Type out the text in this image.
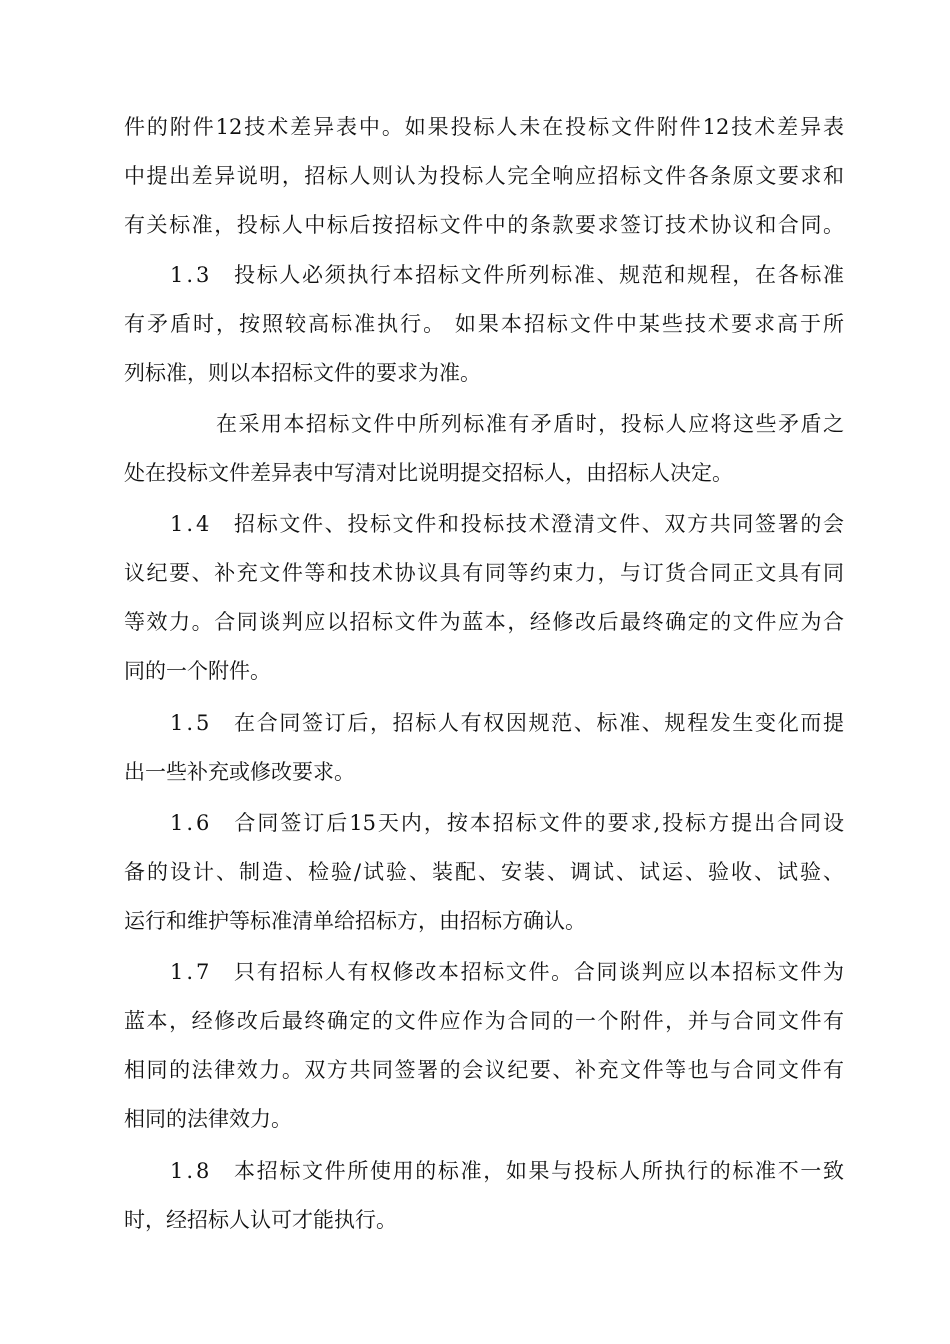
件的附件12技术差异表中。如果投标人未在投标文件附件12技术差异表
中提出差异说明，招标人则认为投标人完全响应招标文件各条原文要求和
有关标准，投标人中标后按招标文件中的条款要求签订技术协议和合同。
1.3 投标人必须执行本招标文件所列标准、规范和规程，在各标准
有矛盾时，按照较高标准执行。 如果本招标文件中某些技术要求高于所
列标准，则以本招标文件的要求为准。
在采用本招标文件中所列标准有矛盾时，投标人应将这些矛盾之
处在投标文件差异表中写清对比说明提交招标人，由招标人决定。
1.4 招标文件、投标文件和投标技术澄清文件、双方共同签署的会
议纪要、补充文件等和技术协议具有同等约束力，与订货合同正文具有同
等效力。合同谈判应以招标文件为蓝本，经修改后最终确定的文件应为合
同的一个附件。
1.5 在合同签订后，招标人有权因规范、标准、规程发生变化而提
出一些补充或修改要求。
1.6 合同签订后15天内，按本招标文件的要求,投标方提出合同设
备的设计、制造、检验/试验、装配、安装、调试、试运、验收、试验、
运行和维护等标准清单给招标方，由招标方确认。
1.7 只有招标人有权修改本招标文件。合同谈判应以本招标文件为
蓝本，经修改后最终确定的文件应作为合同的一个附件，并与合同文件有
相同的法律效力。双方共同签署的会议纪要、补充文件等也与合同文件有
相同的法律效力。
1.8 本招标文件所使用的标准，如果与投标人所执行的标准不一致
时，经招标人认可才能执行。
